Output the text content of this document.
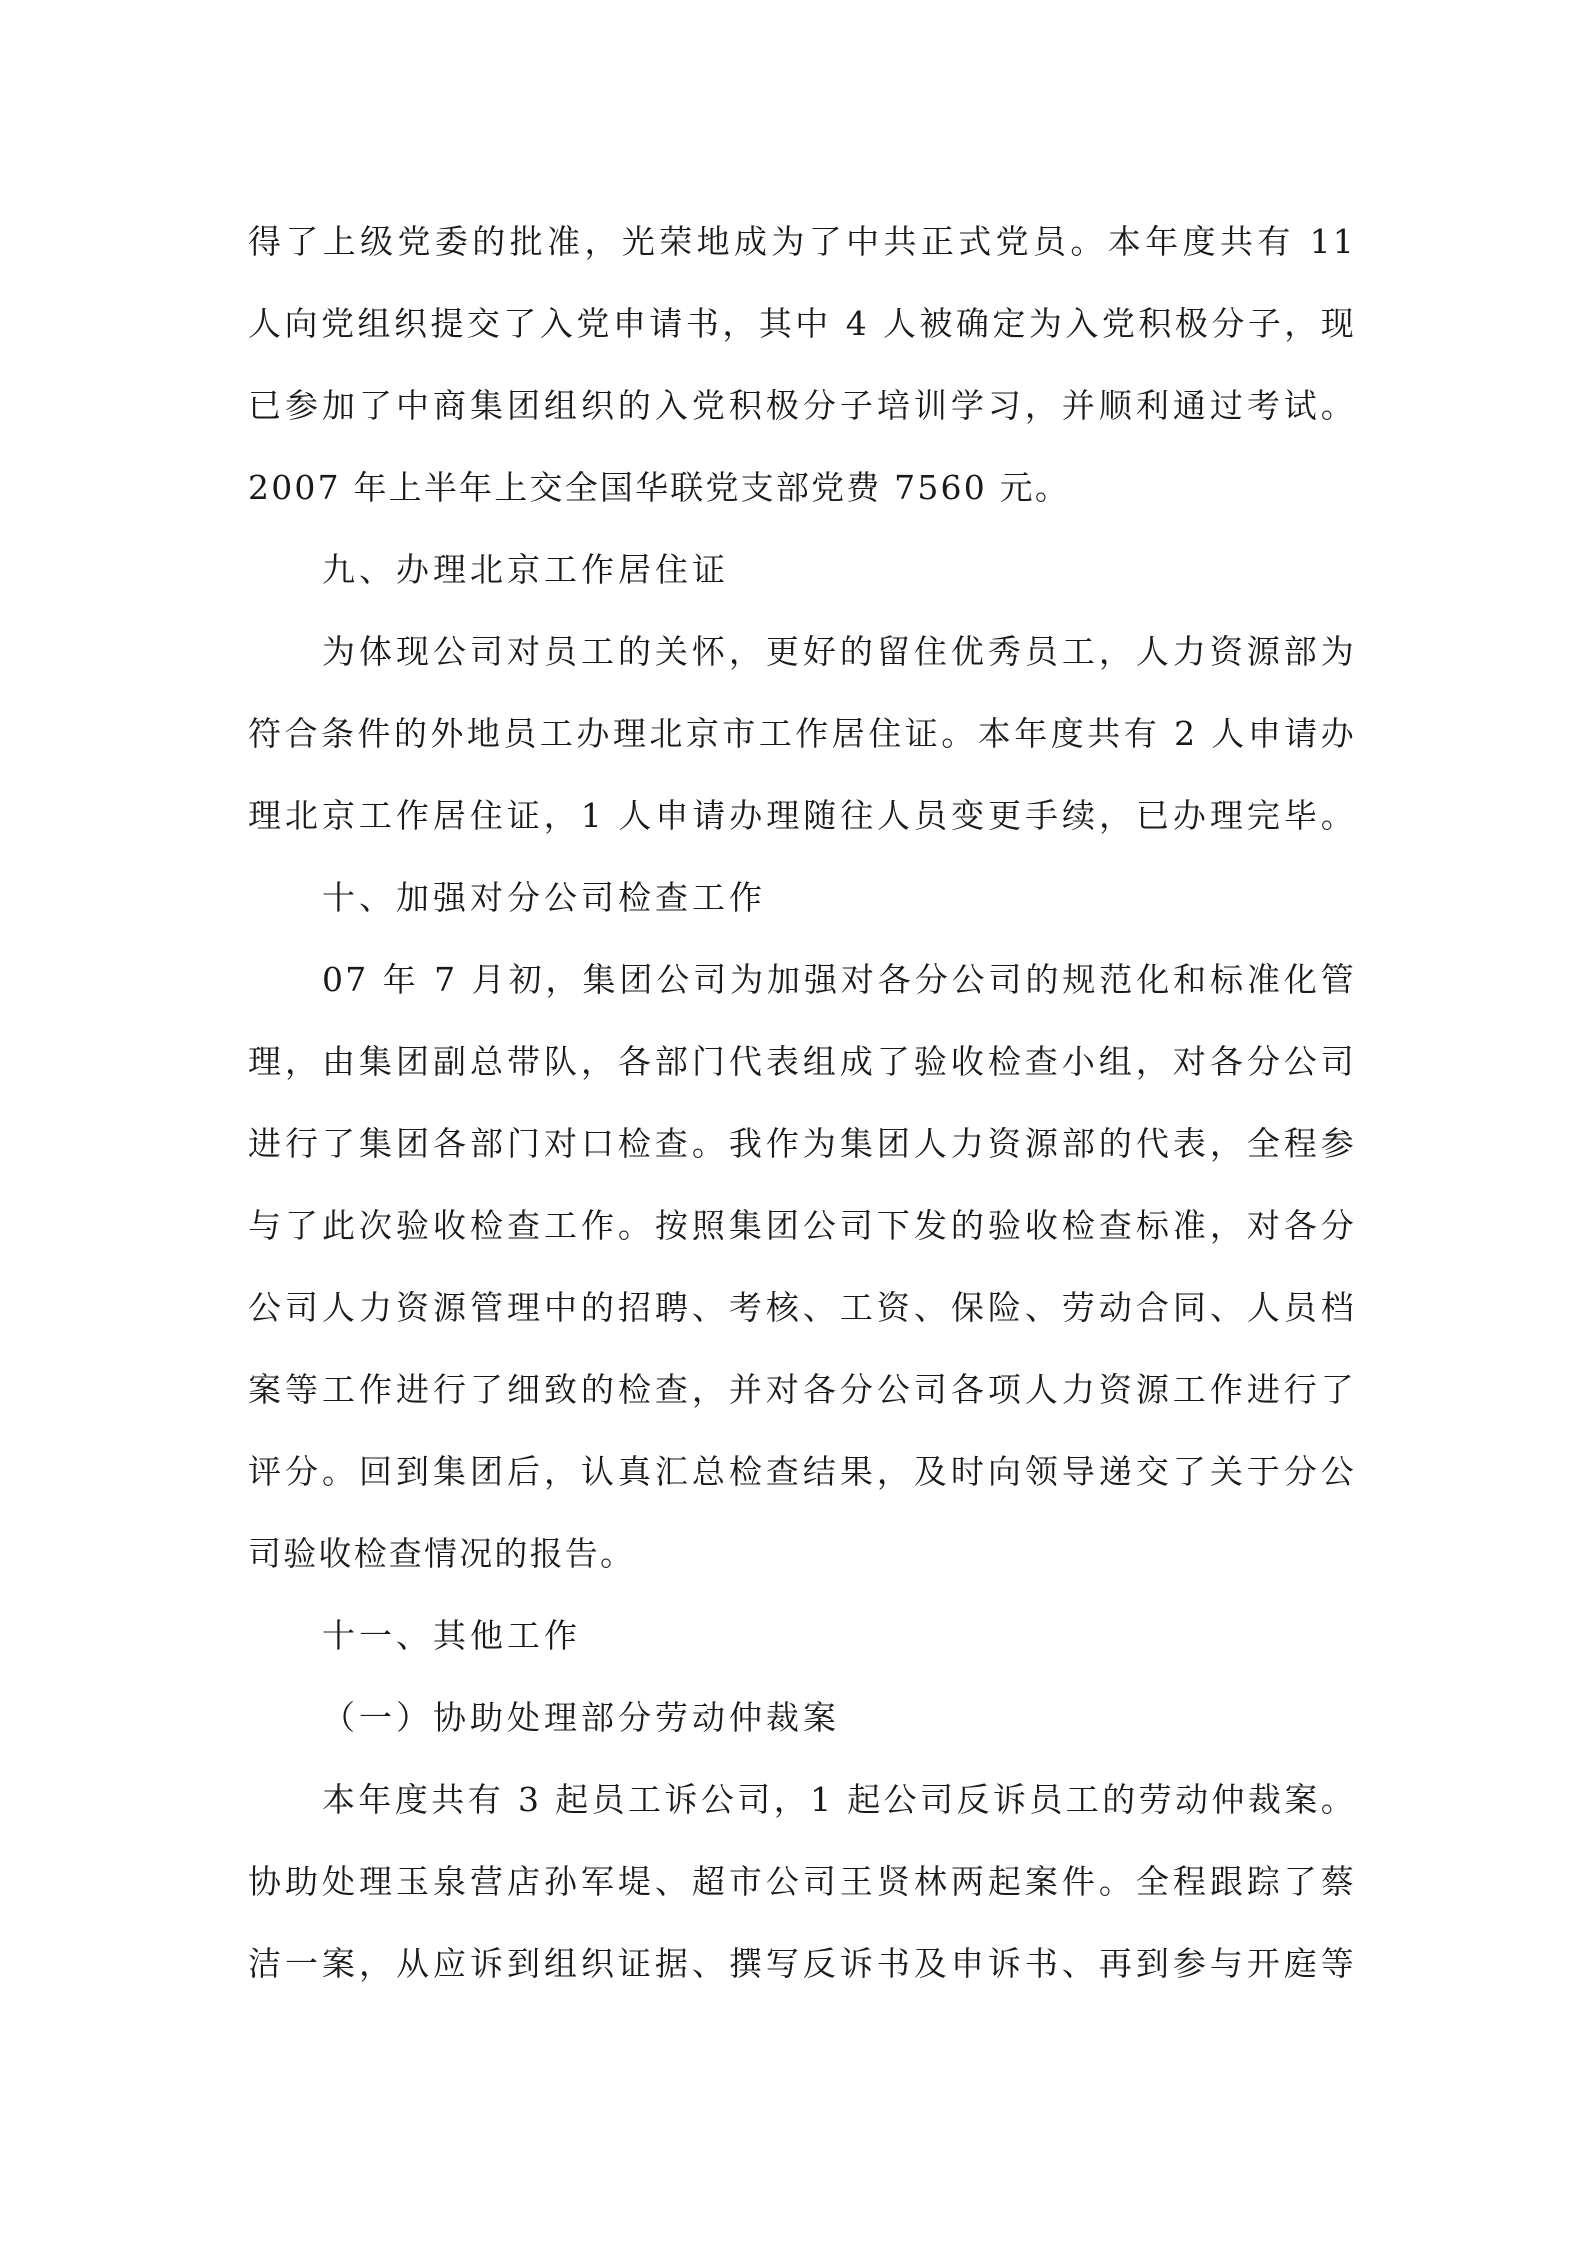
得了上级党委的批准，光荣地成为了中共正式党员。本年度共有 11
人向党组织提交了入党申请书，其中 4 人被确定为入党积极分子，现
已参加了中商集团组织的入党积极分子培训学习，并顺利通过考试。
2007 年上半年上交全国华联党支部党费 7560 元。
九、办理北京工作居住证
为体现公司对员工的关怀，更好的留住优秀员工，人力资源部为
符合条件的外地员工办理北京市工作居住证。本年度共有 2 人申请办
理北京工作居住证，1 人申请办理随往人员变更手续，已办理完毕。
十、加强对分公司检查工作
07 年 7 月初，集团公司为加强对各分公司的规范化和标准化管
理，由集团副总带队，各部门代表组成了验收检查小组，对各分公司
进行了集团各部门对口检查。我作为集团人力资源部的代表，全程参
与了此次验收检查工作。按照集团公司下发的验收检查标准，对各分
公司人力资源管理中的招聘、考核、工资、保险、劳动合同、人员档
案等工作进行了细致的检查，并对各分公司各项人力资源工作进行了
评分。回到集团后，认真汇总检查结果，及时向领导递交了关于分公
司验收检查情况的报告。
十一、其他工作
（一）协助处理部分劳动仲裁案
本年度共有 3 起员工诉公司，1 起公司反诉员工的劳动仲裁案。
协助处理玉泉营店孙军堤、超市公司王贤林两起案件。全程跟踪了蔡
洁一案，从应诉到组织证据、撰写反诉书及申诉书、再到参与开庭等
